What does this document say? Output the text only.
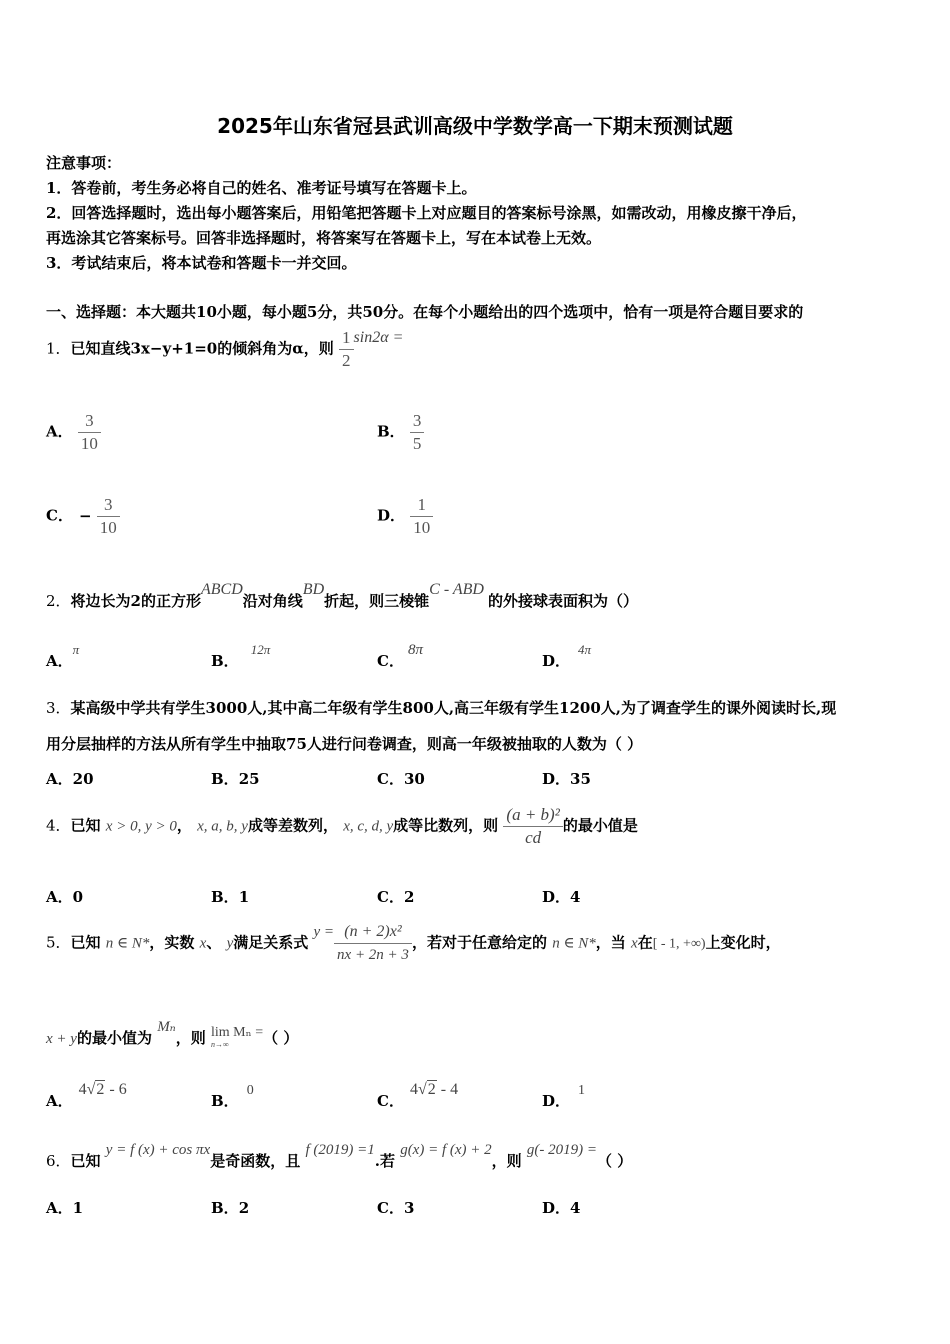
2025年山东省冠县武训高级中学数学高一下期末预测试题
注意事项：
1．答卷前，考生务必将自己的姓名、准考证号填写在答题卡上。
2．回答选择题时，选出每小题答案后，用铅笔把答题卡上对应题目的答案标号涂黑，如需改动，用橡皮擦干净后，
再选涂其它答案标号。回答非选择题时，将答案写在答题卡上，写在本试卷上无效。
3．考试结束后，将本试卷和答题卡一并交回。
一、选择题：本大题共10小题，每小题5分，共50分。在每个小题给出的四个选项中，恰有一项是符合题目要求的
1．已知直线3x−y+1=0的倾斜角为α，则 $\frac{1}{2} \sin 2\alpha$ =
A． $\frac{3}{10}$	B． $\frac{3}{5}$
C． − $\frac{3}{10}$	D． $\frac{1}{10}$
2．将边长为2的正方形ABCD沿对角线BD折起，则三棱锥C - ABD的外接球表面积为（）
A．π
B．12π
C．8π
D．4π
3．某高级中学共有学生3000人,其中高二年级有学生800人,高三年级有学生1200人,为了调查学生的课外阅读时长,现
用分层抽样的方法从所有学生中抽取75人进行问卷调查，则高一年级被抽取的人数为（ ）
A．20	B．25	C．30	D．35
4．已知 x > 0, y > 0， x, a, b, y成等差数列， x, c, d, y成等比数列，则 $\frac{\text{(a + b)²}}{cd}$ 的最小值是
A．0	B．1	C．2	D．4
5．已知 n ∈ N*，实数 x、 y满足关系式 $y = \frac{\text{(n + 2)x²}}{nx + 2n + 3}$ ，若对于任意给定的 n ∈ N*，当 x在[ - 1, +∞)上变化时，
x + y的最小值为 Mₙ，则 lim Mₙ =
n→∞	（ ）
A．4√2 - 6
B．0
C．4√2 - 4
D．1
6．已知 y = f (x) + cos πx是奇函数，且 f (2019) =1.若 g(x) = f (x) + 2，则 g(- 2019) =（ ）
A．1	B．2	C．3	D．4
